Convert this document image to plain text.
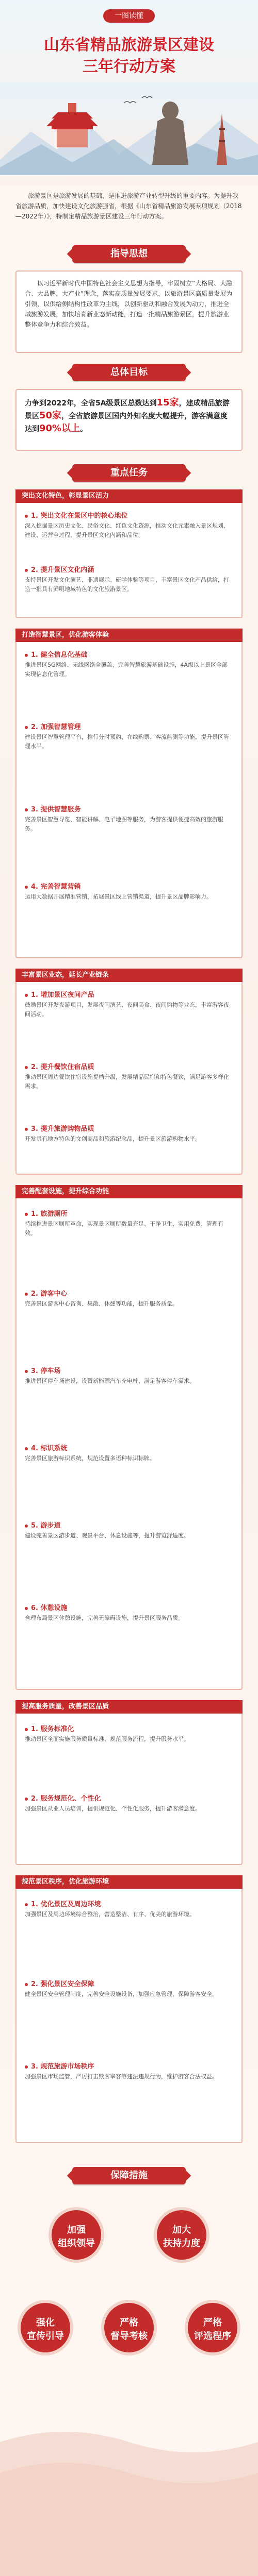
一图读懂
山东省精品旅游景区建设
三年行动方案
旅游景区是旅游发展的基础，是推进旅游产业转型升级的重要内容。为提升我省旅游品质，加快建设文化旅游强省，根据《山东省精品旅游发展专项规划（2018—2022年）》，特制定精品旅游景区建设三年行动方案。
指导思想
以习近平新时代中国特色社会主义思想为指导，牢固树立“大格局、大融合、大品牌、大产业”理念，落实高质量发展要求，以旅游景区高质量发展为引领，以供给侧结构性改革为主线，以创新驱动和融合发展为动力，推进全域旅游发展，加快培育新业态新动能，打造一批精品旅游景区，提升旅游业整体竞争力和综合效益。
总体目标
力争到2022年，全省5A级景区总数达到15家，建成精品旅游景区50家，全省旅游景区国内外知名度大幅提升，游客满意度达到90%以上。
重点任务
突出文化特色，彰显景区活力
1. 突出文化在景区中的核心地位
深入挖掘景区历史文化、民俗文化、红色文化资源，推动文化元素融入景区规划、建设、运营全过程，提升景区文化内涵和品位。
2. 提升景区文化内涵
支持景区开发文化演艺、非遗展示、研学体验等项目，丰富景区文化产品供给，打造一批具有鲜明地域特色的文化旅游景区。
打造智慧景区，优化游客体验
1. 健全信息化基础
推进景区5G网络、无线网络全覆盖，完善智慧旅游基础设施，4A级以上景区全部实现信息化管理。
2. 加强智慧管理
建设景区智慧管理平台，推行分时预约、在线购票、客流监测等功能，提升景区管理水平。
3. 提供智慧服务
完善景区智慧导览、智能讲解、电子地图等服务，为游客提供便捷高效的旅游服务。
4. 完善智慧营销
运用大数据开展精准营销，拓展景区线上营销渠道，提升景区品牌影响力。
丰富景区业态，延长产业链条
1. 增加景区夜间产品
鼓励景区开发夜游项目，发展夜间演艺、夜间美食、夜间购物等业态，丰富游客夜间活动。
2. 提升餐饮住宿品质
推动景区周边餐饮住宿设施提档升级，发展精品民宿和特色餐饮，满足游客多样化需求。
3. 提升旅游购物品质
开发具有地方特色的文创商品和旅游纪念品，提升景区旅游购物水平。
完善配套设施，提升综合功能
1. 旅游厕所
持续推进景区厕所革命，实现景区厕所数量充足、干净卫生、实用免费、管理有效。
2. 游客中心
完善景区游客中心咨询、集散、休憩等功能，提升服务质量。
3. 停车场
推进景区停车场建设，设置新能源汽车充电桩，满足游客停车需求。
4. 标识系统
完善景区旅游标识系统，规范设置多语种标识标牌。
5. 游步道
建设完善景区游步道、观景平台、休息设施等，提升游览舒适度。
6. 休憩设施
合理布局景区休憩设施，完善无障碍设施，提升景区服务品质。
提高服务质量，改善景区品质
1. 服务标准化
推动景区全面实施服务质量标准，规范服务流程，提升服务水平。
2. 服务规范化、个性化
加强景区从业人员培训，提供规范化、个性化服务，提升游客满意度。
规范景区秩序，优化旅游环境
1. 优化景区及周边环境
加强景区及周边环境综合整治，营造整洁、有序、优美的旅游环境。
2. 强化景区安全保障
健全景区安全管理制度，完善安全设施设备，加强应急管理，保障游客安全。
3. 规范旅游市场秩序
加强景区市场监管，严厉打击欺客宰客等违法违规行为，维护游客合法权益。
保障措施
加强
组织领导
加大
扶持力度
强化
宣传引导
严格
督导考核
严格
评选程序
